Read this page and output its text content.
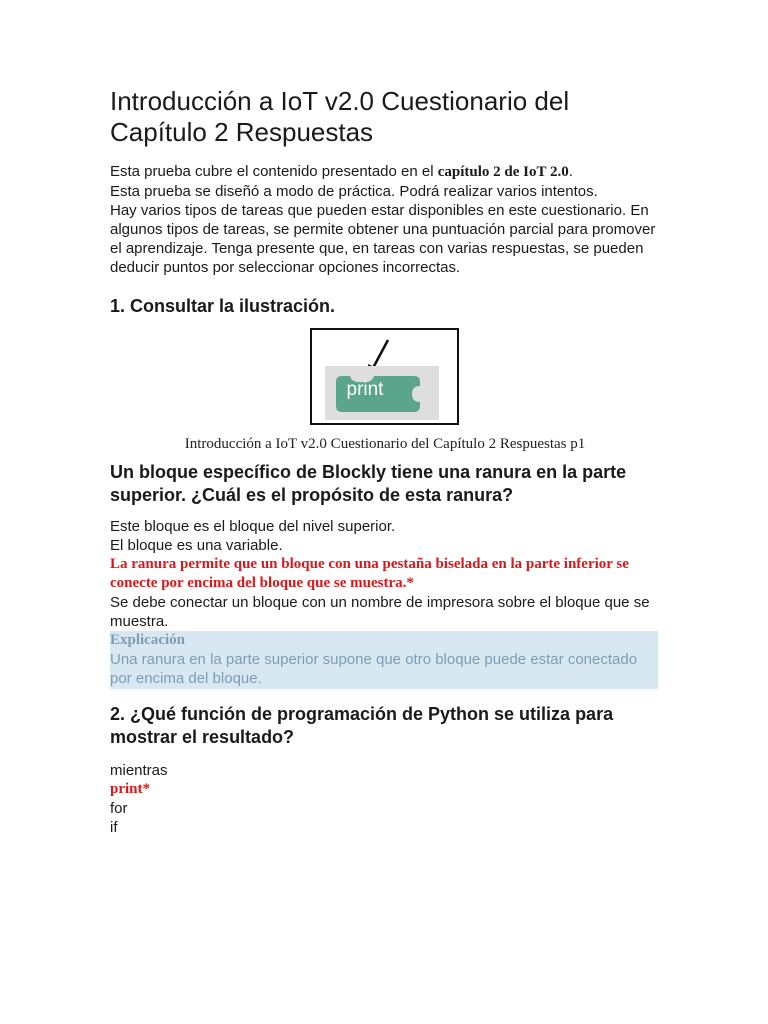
Introducción a IoT v2.0 Cuestionario del Capítulo 2 Respuestas

Esta prueba cubre el contenido presentado en el capítulo 2 de IoT 2.0.

Esta prueba se diseñó a modo de práctica. Podrá realizar varios intentos.

Hay varios tipos de tareas que pueden estar disponibles en este cuestionario. En algunos tipos de tareas, se permite obtener una puntuación parcial para promover el aprendizaje. Tenga presente que, en tareas con varias respuestas, se pueden deducir puntos por seleccionar opciones incorrectas.

1. Consultar la ilustración.
print
Introducción a IoT v2.0 Cuestionario del Capítulo 2 Respuestas p1
Un bloque específico de Blockly tiene una ranura en la parte superior. ¿Cuál es el propósito de esta ranura?
Este bloque es el bloque del nivel superior.
El bloque es una variable.
La ranura permite que un bloque con una pestaña biselada en la parte inferior se conecte por encima del bloque que se muestra.*
Se debe conectar un bloque con un nombre de impresora sobre el bloque que se muestra.
Explicación
Una ranura en la parte superior supone que otro bloque puede estar conectado por encima del bloque.
2. ¿Qué función de programación de Python se utiliza para mostrar el resultado?
mientras
print*
for
if
